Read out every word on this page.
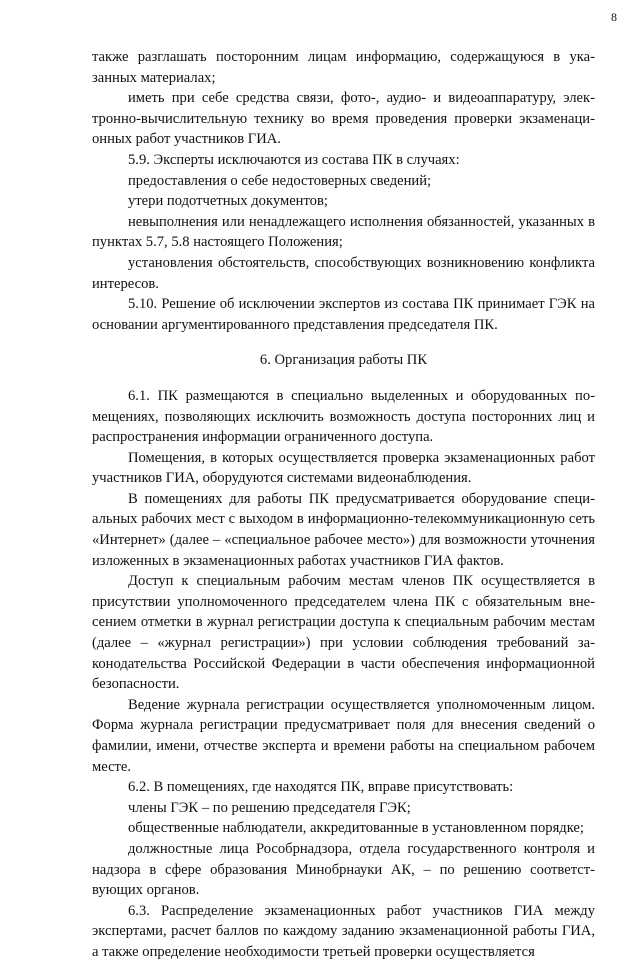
8

также разглашать посторонним лицам информацию, содержащуюся в указанных материалах;

иметь при себе средства связи, фото-, аудио- и видеоаппаратуру, электронно-вычислительную технику во время проведения проверки экзаменационных работ участников ГИА.

5.9. Эксперты исключаются из состава ПК в случаях:

предоставления о себе недостоверных сведений;

утери подотчетных документов;

невыполнения или ненадлежащего исполнения обязанностей, указанных в пунктах 5.7, 5.8 настоящего Положения;

установления обстоятельств, способствующих возникновению конфликта интересов.

5.10. Решение об исключении экспертов из состава ПК принимает ГЭК на основании аргументированного представления председателя ПК.

6. Организация работы ПК

6.1. ПК размещаются в специально выделенных и оборудованных помещениях, позволяющих исключить возможность доступа посторонних лиц и распространения информации ограниченного доступа.

Помещения, в которых осуществляется проверка экзаменационных работ участников ГИА, оборудуются системами видеонаблюдения.

В помещениях для работы ПК предусматривается оборудование специальных рабочих мест с выходом в информационно-телекоммуникационную сеть «Интернет» (далее – «специальное рабочее место») для возможности уточнения изложенных в экзаменационных работах участников ГИА фактов.

Доступ к специальным рабочим местам членов ПК осуществляется в присутствии уполномоченного председателем члена ПК с обязательным внесением отметки в журнал регистрации доступа к специальным рабочим местам (далее – «журнал регистрации») при условии соблюдения требований законодательства Российской Федерации в части обеспечения информационной безопасности.

Ведение журнала регистрации осуществляется уполномоченным лицом. Форма журнала регистрации предусматривает поля для внесения сведений о фамилии, имени, отчестве эксперта и времени работы на специальном рабочем месте.

6.2. В помещениях, где находятся ПК, вправе присутствовать:

члены ГЭК – по решению председателя ГЭК;

общественные наблюдатели, аккредитованные в установленном порядке;

должностные лица Рособрнадзора, отдела государственного контроля и надзора в сфере образования Минобрнауки АК, – по решению соответствующих органов.

6.3. Распределение экзаменационных работ участников ГИА между экспертами, расчет баллов по каждому заданию экзаменационной работы ГИА, а также определение необходимости третьей проверки осуществляется
